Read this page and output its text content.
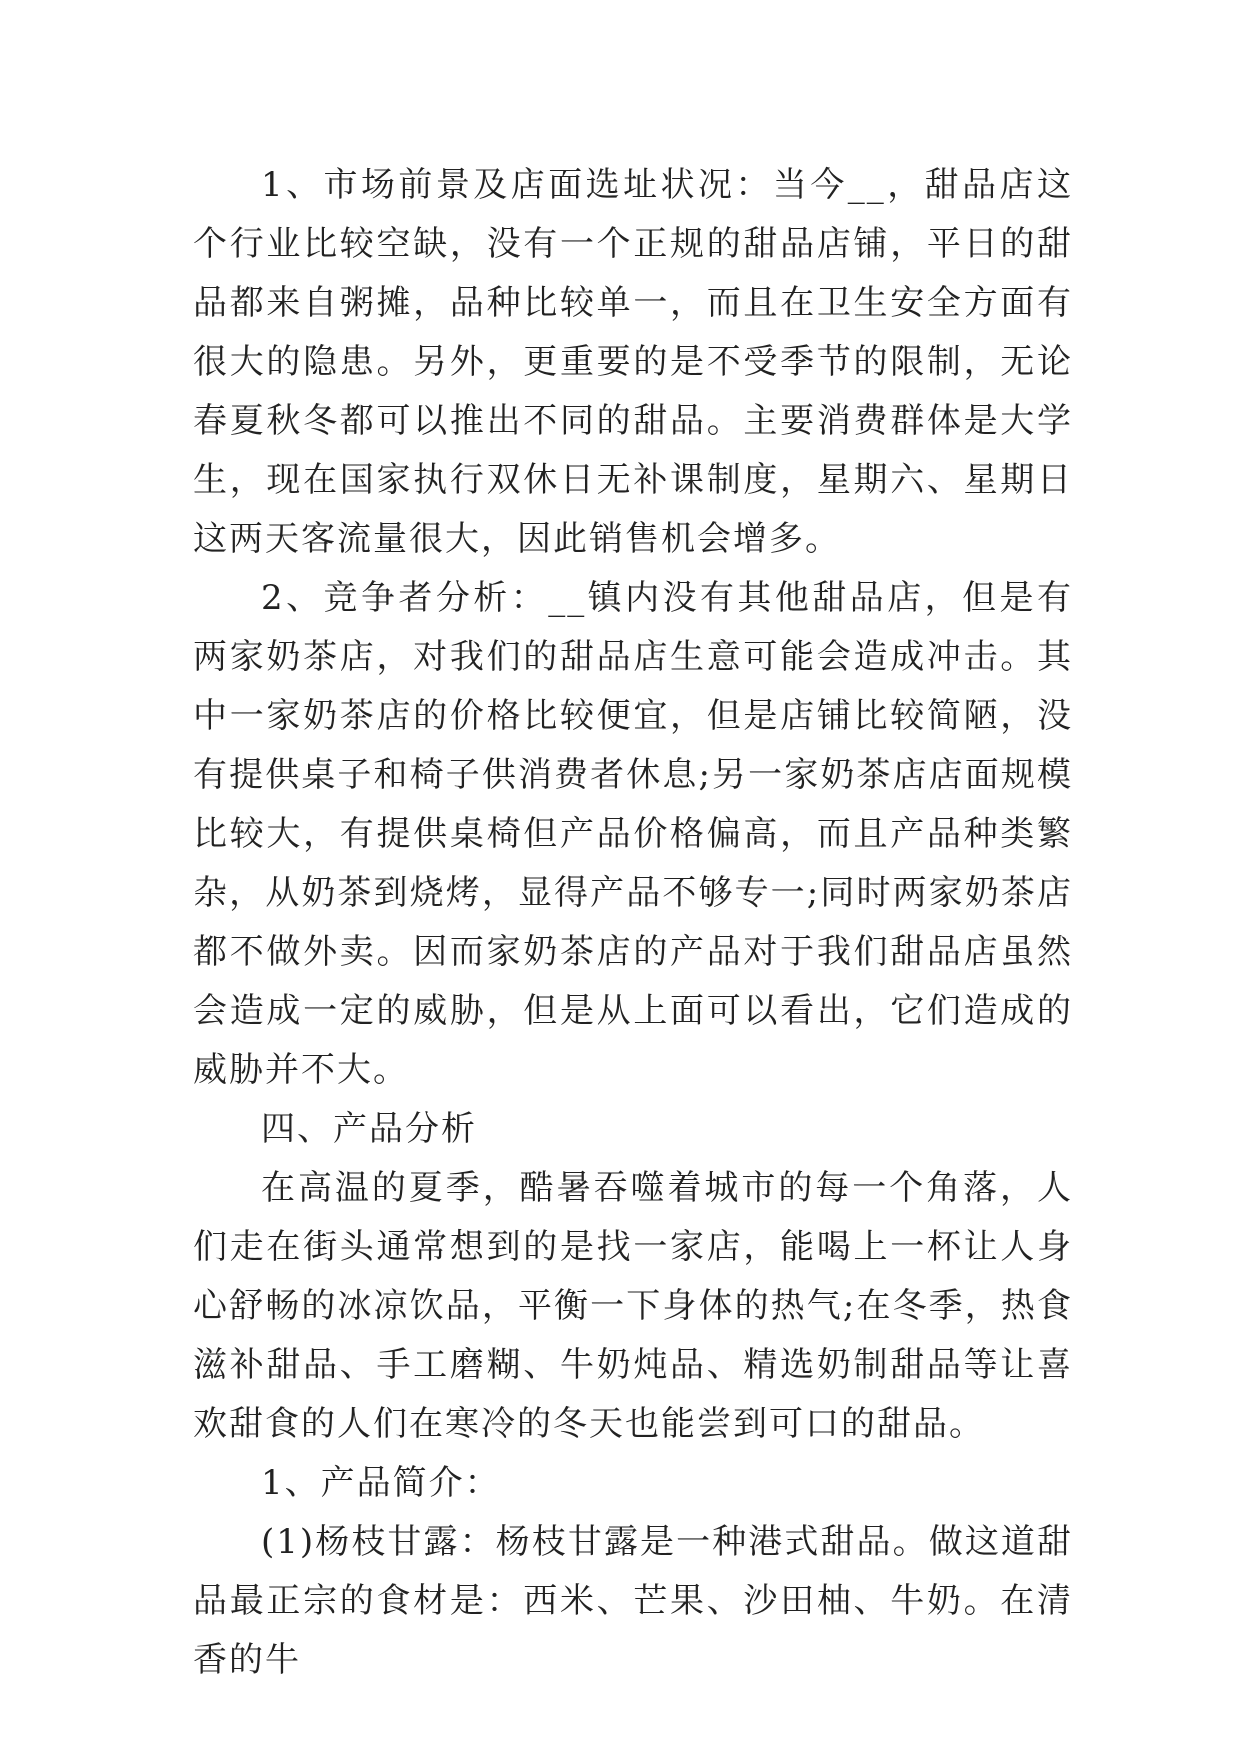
1、市场前景及店面选址状况：当今__，甜品店这个行业比较空缺，没有一个正规的甜品店铺，平日的甜品都来自粥摊，品种比较单一，而且在卫生安全方面有很大的隐患。另外，更重要的是不受季节的限制，无论春夏秋冬都可以推出不同的甜品。主要消费群体是大学生，现在国家执行双休日无补课制度，星期六、星期日这两天客流量很大，因此销售机会增多。

2、竞争者分析：__镇内没有其他甜品店，但是有两家奶茶店，对我们的甜品店生意可能会造成冲击。其中一家奶茶店的价格比较便宜，但是店铺比较简陋，没有提供桌子和椅子供消费者休息;另一家奶茶店店面规模比较大，有提供桌椅但产品价格偏高，而且产品种类繁杂，从奶茶到烧烤，显得产品不够专一;同时两家奶茶店都不做外卖。因而家奶茶店的产品对于我们甜品店虽然会造成一定的威胁，但是从上面可以看出，它们造成的威胁并不大。

四、产品分析

在高温的夏季，酷暑吞噬着城市的每一个角落，人们走在街头通常想到的是找一家店，能喝上一杯让人身心舒畅的冰凉饮品，平衡一下身体的热气;在冬季，热食滋补甜品、手工磨糊、牛奶炖品、精选奶制甜品等让喜欢甜食的人们在寒冷的冬天也能尝到可口的甜品。

1、产品简介：

(1)杨枝甘露：杨枝甘露是一种港式甜品。做这道甜品最正宗的食材是：西米、芒果、沙田柚、牛奶。在清香的牛
